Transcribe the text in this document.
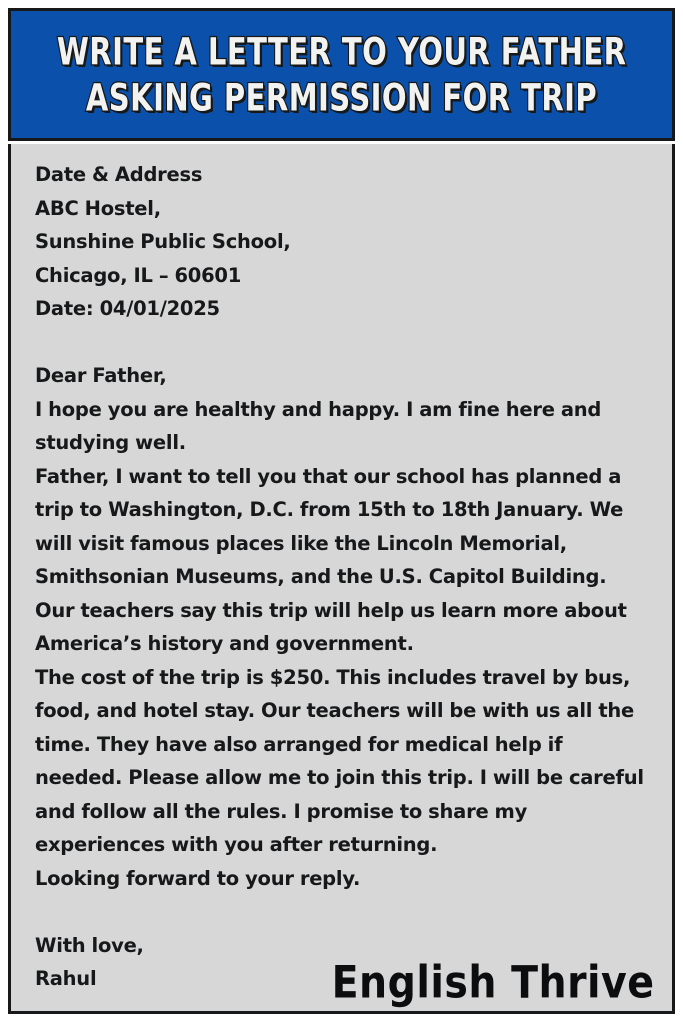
WRITE A LETTER TO YOUR FATHER
ASKING PERMISSION FOR TRIP
Date & Address
ABC Hostel,
Sunshine Public School,
Chicago, IL – 60601
Date: 04/01/2025
Dear Father,
I hope you are healthy and happy. I am fine here and studying well.
Father, I want to tell you that our school has planned a trip to Washington, D.C. from 15th to 18th January. We will visit famous places like the Lincoln Memorial, Smithsonian Museums, and the U.S. Capitol Building. Our teachers say this trip will help us learn more about America’s history and government.
The cost of the trip is $250. This includes travel by bus, food, and hotel stay. Our teachers will be with us all the time. They have also arranged for medical help if needed. Please allow me to join this trip. I will be careful and follow all the rules. I promise to share my experiences with you after returning.
Looking forward to your reply.
With love,
Rahul	English Thrive
